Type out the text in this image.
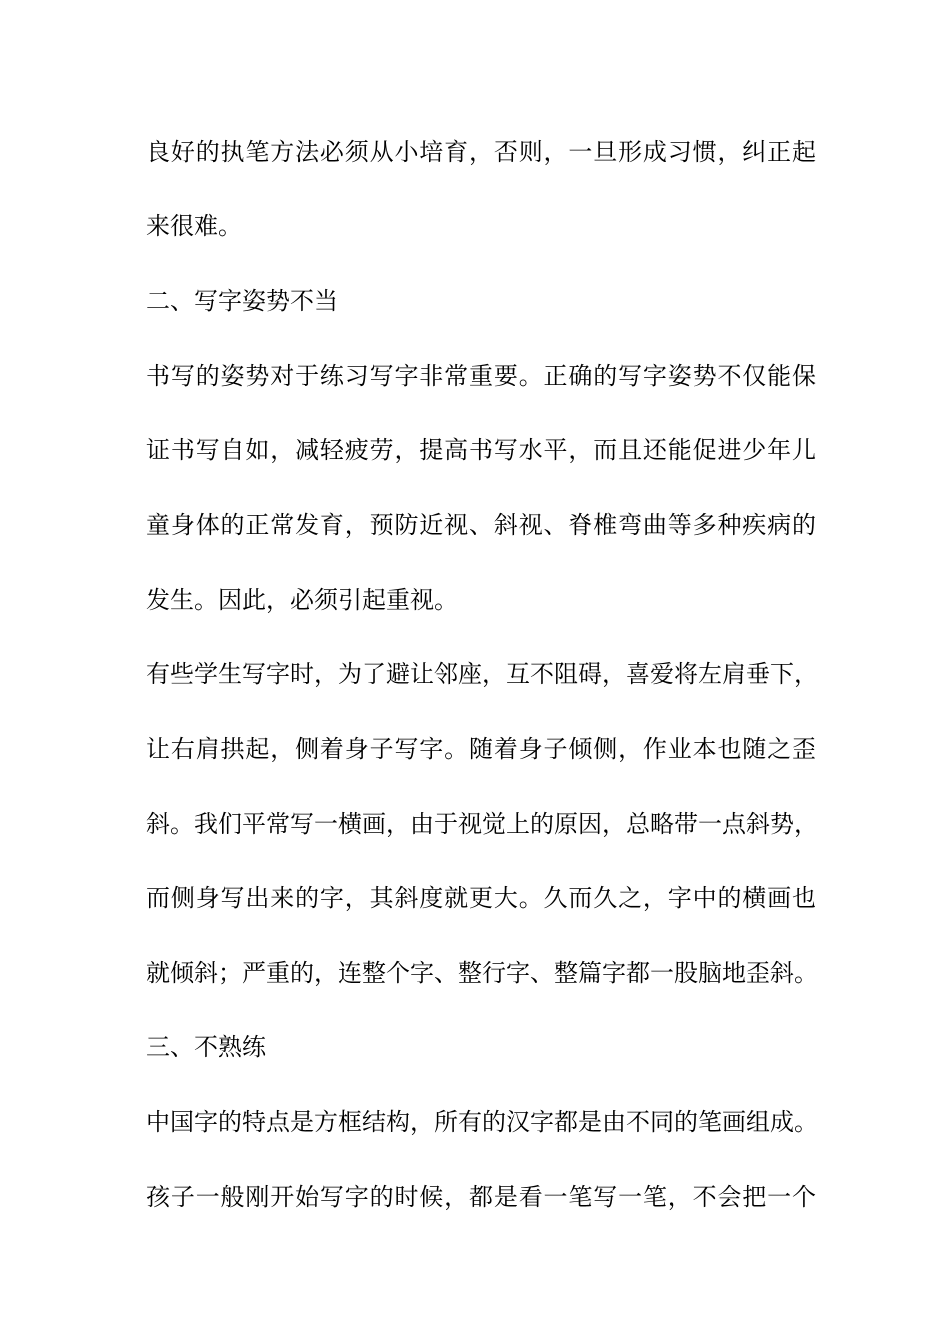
良好的执笔方法必须从小培育，否则，一旦形成习惯，纠正起
来很难。
二、写字姿势不当
书写的姿势对于练习写字非常重要。正确的写字姿势不仅能保
证书写自如，减轻疲劳，提高书写水平，而且还能促进少年儿
童身体的正常发育，预防近视、斜视、脊椎弯曲等多种疾病的
发生。因此，必须引起重视。
有些学生写字时，为了避让邻座，互不阻碍，喜爱将左肩垂下，
让右肩拱起，侧着身子写字。随着身子倾侧，作业本也随之歪
斜。我们平常写一横画，由于视觉上的原因，总略带一点斜势，
而侧身写出来的字，其斜度就更大。久而久之，字中的横画也
就倾斜；严重的，连整个字、整行字、整篇字都一股脑地歪斜。
三、不熟练
中国字的特点是方框结构，所有的汉字都是由不同的笔画组成。
孩子一般刚开始写字的时候，都是看一笔写一笔，不会把一个
